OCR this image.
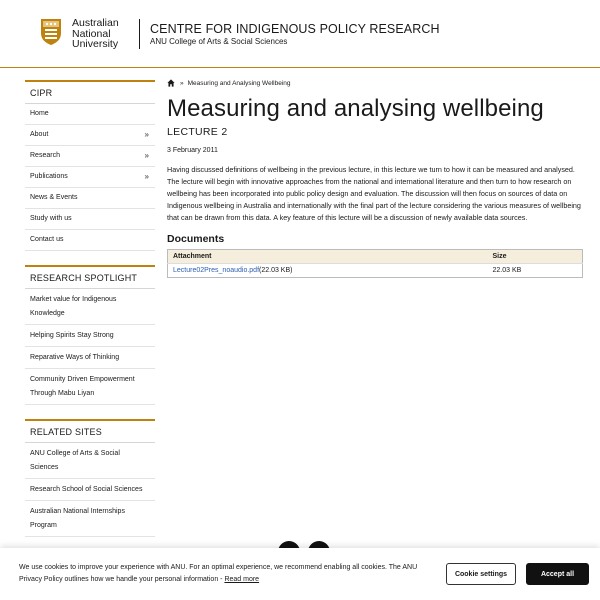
Australian
National
University
CENTRE FOR INDIGENOUS POLICY RESEARCH
ANU College of Arts & Social Sciences
CIPR
Home
About	»
Research	»
Publications	»
News & Events
Study with us
Contact us
RESEARCH SPOTLIGHT
Market value for Indigenous Knowledge
Helping Spirits Stay Strong
Reparative Ways of Thinking
Community Driven Empowerment Through Mabu Liyan
RELATED SITES
ANU College of Arts & Social Sciences
Research School of Social Sciences
Australian National Internships Program
» Measuring and Analysing Wellbeing
Measuring and analysing wellbeing
LECTURE 2
3 February 2011

Having discussed definitions of wellbeing in the previous lecture, in this lecture we turn to how it can be measured and analysed. The lecture will begin with innovative approaches from the national and international literature and then turn to how research on wellbeing has been incorporated into public policy design and evaluation. The discussion will then focus on sources of data on Indigenous wellbeing in Australia and internationally with the final part of the lecture considering the various measures of wellbeing that can be drawn from this data. A key feature of this lecture will be a discussion of newly available data sources.

Documents
Attachment	Size
Lecture02Pres_noaudio.pdf(22.03 KB)	22.03 KB

We use cookies to improve your experience with ANU. For an optimal experience, we recommend enabling all cookies. The ANU Privacy Policy outlines how we handle your personal information - Read more

Cookie settings	Accept all
